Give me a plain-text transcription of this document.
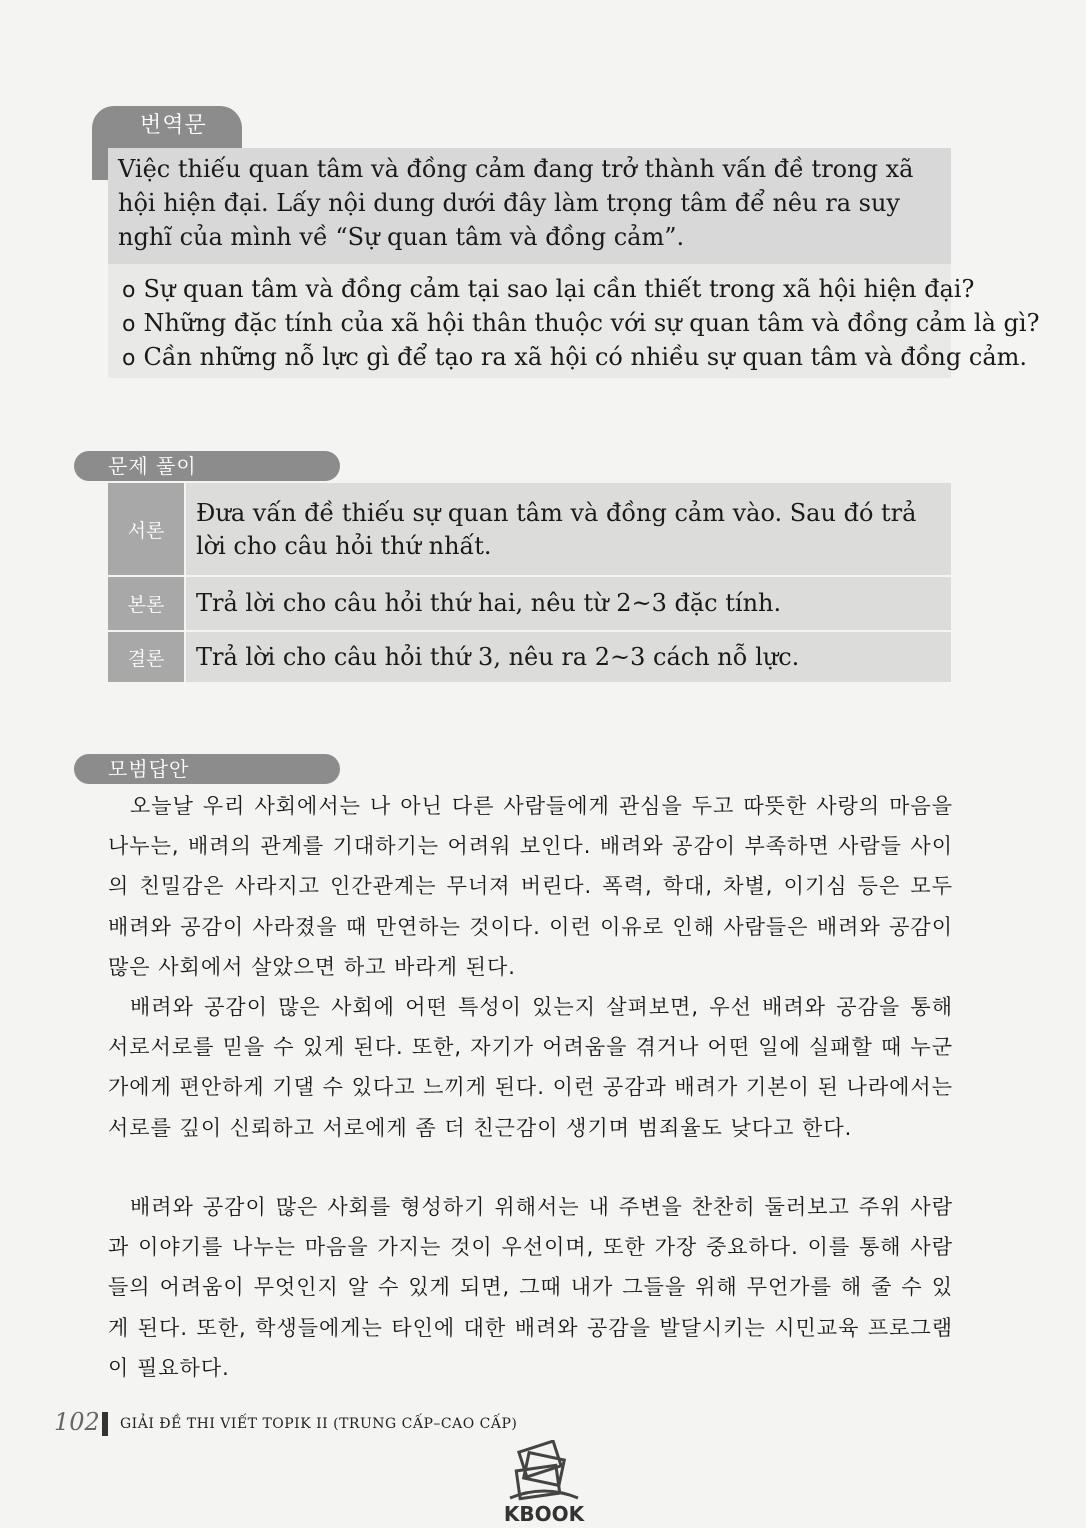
번역문
Việc thiếu quan tâm và đồng cảm đang trở thành vấn đề trong xã hội hiện đại. Lấy nội dung dưới đây làm trọng tâm để nêu ra suy nghĩ của mình về “Sự quan tâm và đồng cảm”.
o Sự quan tâm và đồng cảm tại sao lại cần thiết trong xã hội hiện đại?
o Những đặc tính của xã hội thân thuộc với sự quan tâm và đồng cảm là gì?
o Cần những nỗ lực gì để tạo ra xã hội có nhiều sự quan tâm và đồng cảm.
문제 풀이
서론
Đưa vấn đề thiếu sự quan tâm và đồng cảm vào. Sau đó trả lời cho câu hỏi thứ nhất.
본론	Trả lời cho câu hỏi thứ hai, nêu từ 2~3 đặc tính.
결론	Trả lời cho câu hỏi thứ 3, nêu ra 2~3 cách nỗ lực.
모범답안

오늘날 우리 사회에서는 나 아닌 다른 사람들에게 관심을 두고 따뜻한 사랑의 마음을 나누는, 배려의 관계를 기대하기는 어려워 보인다. 배려와 공감이 부족하면 사람들 사이의 친밀감은 사라지고 인간관계는 무너져 버린다. 폭력, 학대, 차별, 이기심 등은 모두 배려와 공감이 사라졌을 때 만연하는 것이다. 이런 이유로 인해 사람들은 배려와 공감이 많은 사회에서 살았으면 하고 바라게 된다.

배려와 공감이 많은 사회에 어떤 특성이 있는지 살펴보면, 우선 배려와 공감을 통해 서로서로를 믿을 수 있게 된다. 또한, 자기가 어려움을 겪거나 어떤 일에 실패할 때 누군가에게 편안하게 기댈 수 있다고 느끼게 된다. 이런 공감과 배려가 기본이 된 나라에서는 서로를 깊이 신뢰하고 서로에게 좀 더 친근감이 생기며 범죄율도 낮다고 한다.

배려와 공감이 많은 사회를 형성하기 위해서는 내 주변을 찬찬히 둘러보고 주위 사람과 이야기를 나누는 마음을 가지는 것이 우선이며, 또한 가장 중요하다. 이를 통해 사람들의 어려움이 무엇인지 알 수 있게 되면, 그때 내가 그들을 위해 무언가를 해 줄 수 있게 된다. 또한, 학생들에게는 타인에 대한 배려와 공감을 발달시키는 시민교육 프로그램이 필요하다.

102 GIẢI ĐỀ THI VIẾT TOPIK II (TRUNG CẤP–CAO CẤP)
KBOOK
